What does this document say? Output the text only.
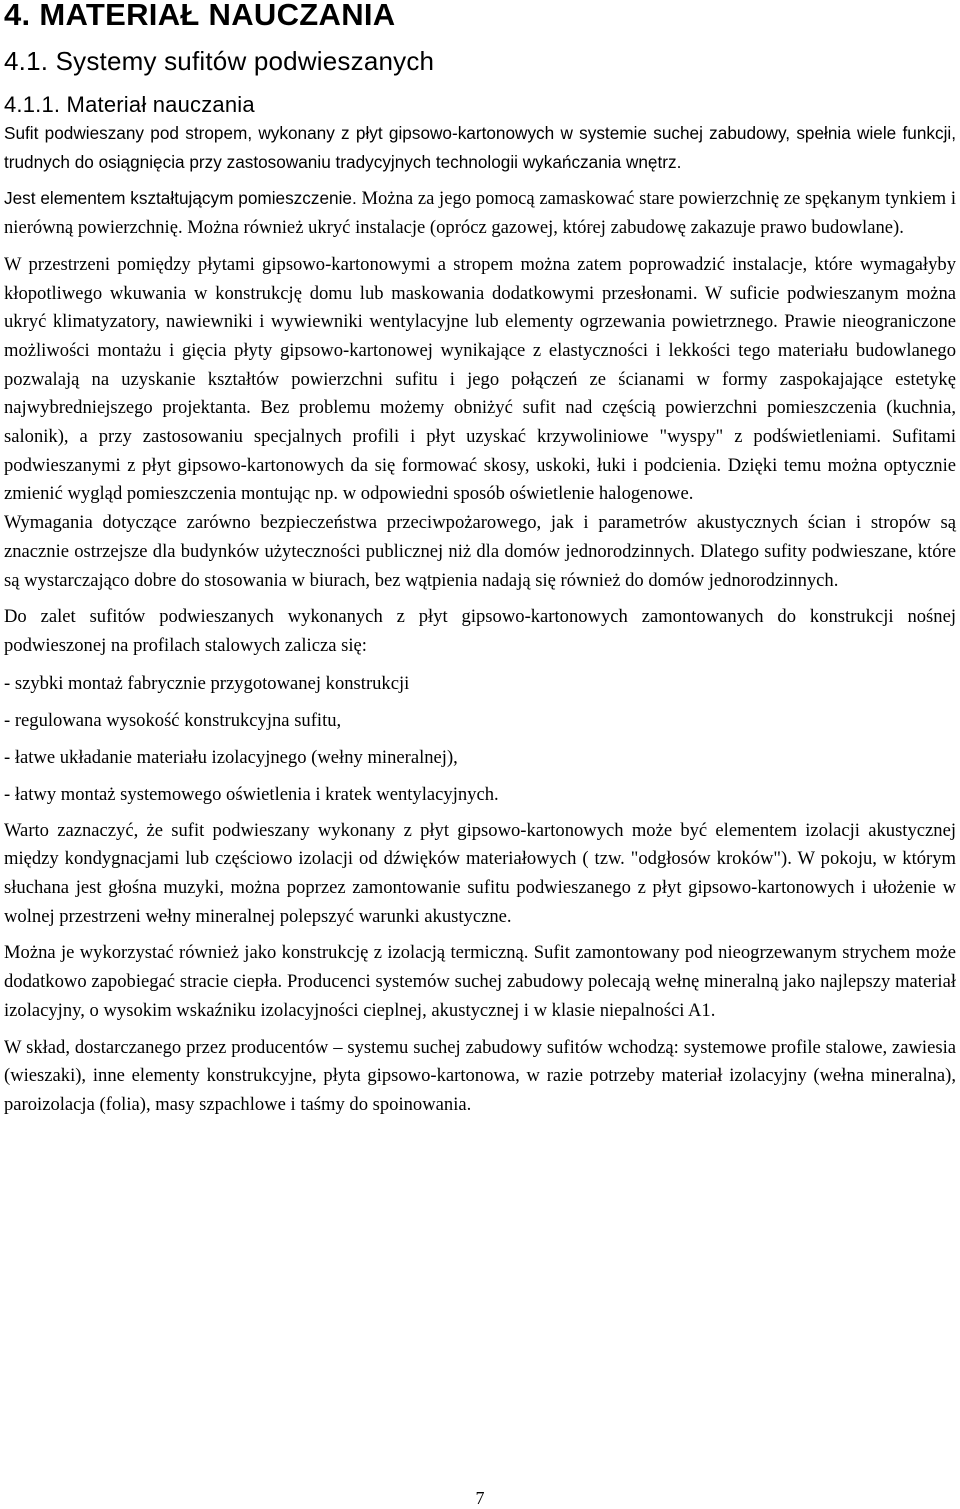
4. MATERIAŁ NAUCZANIA
4.1. Systemy sufitów podwieszanych
4.1.1. Materiał nauczania

Sufit podwieszany pod stropem, wykonany z płyt gipsowo-kartonowych w systemie suchej zabudowy, spełnia wiele funkcji, trudnych do osiągnięcia przy zastosowaniu tradycyjnych technologii wykańczania wnętrz.

Jest elementem kształtującym pomieszczenie. Można za jego pomocą zamaskować stare powierzchnię ze spękanym tynkiem i nierówną powierzchnię. Można również ukryć instalacje (oprócz gazowej, której zabudowę zakazuje prawo budowlane).

W przestrzeni pomiędzy płytami gipsowo-kartonowymi a stropem można zatem poprowadzić instalacje, które wymagałyby kłopotliwego wkuwania w konstrukcję domu lub maskowania dodatkowymi przesłonami. W suficie podwieszanym można ukryć klimatyzatory, nawiewniki i wywiewniki wentylacyjne lub elementy ogrzewania powietrznego. Prawie nieograniczone możliwości montażu i gięcia płyty gipsowo-kartonowej wynikające z elastyczności i lekkości tego materiału budowlanego pozwalają na uzyskanie kształtów powierzchni sufitu i jego połączeń ze ścianami w formy zaspokajające estetykę najwybredniejszego projektanta. Bez problemu możemy obniżyć sufit nad częścią powierzchni pomieszczenia (kuchnia, salonik), a przy zastosowaniu specjalnych profili i płyt uzyskać krzywoliniowe "wyspy" z podświetleniami. Sufitami podwieszanymi z płyt gipsowo-kartonowych da się formować skosy, uskoki, łuki i podcienia. Dzięki temu można optycznie zmienić wygląd pomieszczenia montując np. w odpowiedni sposób oświetlenie halogenowe.

Wymagania dotyczące zarówno bezpieczeństwa przeciwpożarowego, jak i parametrów akustycznych ścian i stropów są znacznie ostrzejsze dla budynków użyteczności publicznej niż dla domów jednorodzinnych. Dlatego sufity podwieszane, które są wystarczająco dobre do stosowania w biurach, bez wątpienia nadają się również do domów jednorodzinnych.

Do zalet sufitów podwieszanych wykonanych z płyt gipsowo-kartonowych zamontowanych do konstrukcji nośnej podwieszonej na profilach stalowych zalicza się:

- szybki montaż fabrycznie przygotowanej konstrukcji
- regulowana wysokość konstrukcyjna sufitu,
- łatwe układanie materiału izolacyjnego (wełny mineralnej),
- łatwy montaż systemowego oświetlenia i kratek wentylacyjnych.

Warto zaznaczyć, że sufit podwieszany wykonany z płyt gipsowo-kartonowych może być elementem izolacji akustycznej między kondygnacjami lub częściowo izolacji od dźwięków materiałowych ( tzw. "odgłosów kroków"). W pokoju, w którym słuchana jest głośna muzyki, można poprzez zamontowanie sufitu podwieszanego z płyt gipsowo-kartonowych i ułożenie w wolnej przestrzeni wełny mineralnej polepszyć warunki akustyczne.

Można je wykorzystać również jako konstrukcję z izolacją termiczną. Sufit zamontowany pod nieogrzewanym strychem może dodatkowo zapobiegać stracie ciepła. Producenci systemów suchej zabudowy polecają wełnę mineralną jako najlepszy materiał izolacyjny, o wysokim wskaźniku izolacyjności cieplnej, akustycznej i w klasie niepalności A1.

W skład, dostarczanego przez producentów – systemu suchej zabudowy sufitów wchodzą: systemowe profile stalowe, zawiesia (wieszaki), inne elementy konstrukcyjne, płyta gipsowo-kartonowa, w razie potrzeby materiał izolacyjny (wełna mineralna), paroizolacja (folia), masy szpachlowe i taśmy do spoinowania.

7
